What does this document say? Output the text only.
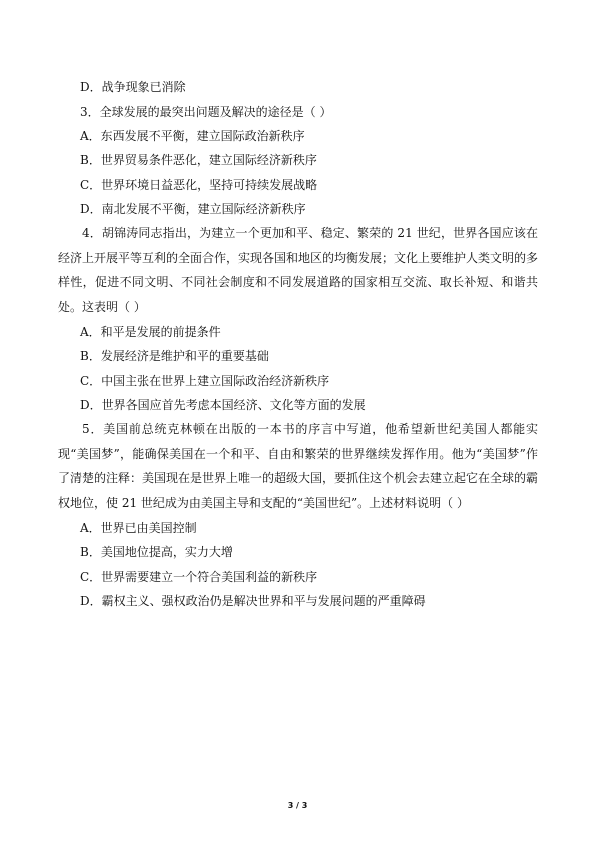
D．战争现象已消除
3．全球发展的最突出问题及解决的途径是（ ）
A．东西发展不平衡，建立国际政治新秩序
B．世界贸易条件恶化，建立国际经济新秩序
C．世界环境日益恶化，坚持可持续发展战略
D．南北发展不平衡，建立国际经济新秩序
4．胡锦涛同志指出，为建立一个更加和平、稳定、繁荣的 21 世纪，世界各国应该在经济上开展平等互利的全面合作，实现各国和地区的均衡发展；文化上要维护人类文明的多样性，促进不同文明、不同社会制度和不同发展道路的国家相互交流、取长补短、和谐共处。这表明（ ）
A．和平是发展的前提条件
B．发展经济是维护和平的重要基础
C．中国主张在世界上建立国际政治经济新秩序
D．世界各国应首先考虑本国经济、文化等方面的发展
5．美国前总统克林顿在出版的一本书的序言中写道，他希望新世纪美国人都能实现“美国梦”，能确保美国在一个和平、自由和繁荣的世界继续发挥作用。他为“美国梦”作了清楚的注释：美国现在是世界上唯一的超级大国，要抓住这个机会去建立起它在全球的霸权地位，使 21 世纪成为由美国主导和支配的“美国世纪”。上述材料说明（ ）
A．世界已由美国控制
B．美国地位提高，实力大增
C．世界需要建立一个符合美国利益的新秩序
D．霸权主义、强权政治仍是解决世界和平与发展问题的严重障碍
3 / 3
